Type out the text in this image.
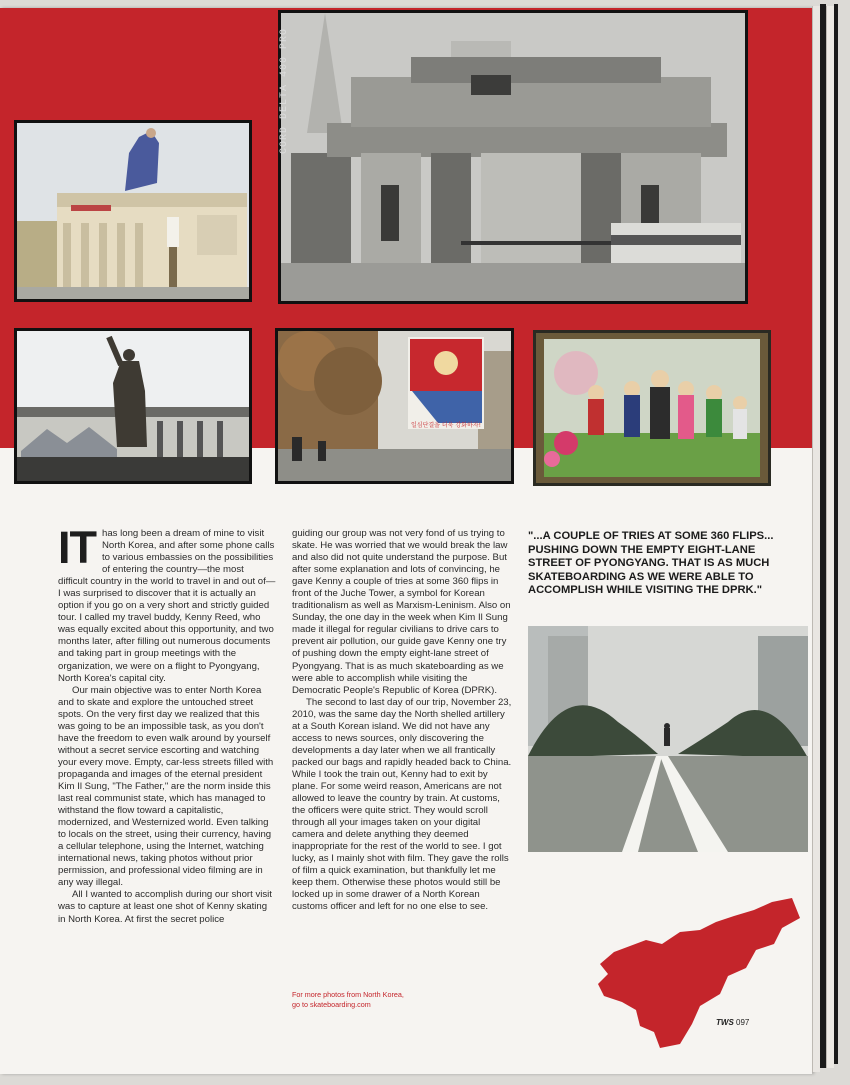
CORD DELTA 400 PRO
일심단결을 더욱 강화하자!

IT has long been a dream of mine to visit North Korea, and after some phone calls to various embassies on the possibilities of entering the country—the most difficult country in the world to travel in and out of—I was surprised to discover that it is actually an option if you go on a very short and strictly guided tour. I called my travel buddy, Kenny Reed, who was equally excited about this opportunity, and two months later, after filling out numerous documents and taking part in group meetings with the organization, we were on a flight to Pyongyang, North Korea's capital city.

Our main objective was to enter North Korea and to skate and explore the untouched street spots. On the very first day we realized that this was going to be an impossible task, as you don't have the freedom to even walk around by yourself without a secret service escorting and watching your every move. Empty, car-less streets filled with propaganda and images of the eternal president Kim Il Sung, "The Father," are the norm inside this last real communist state, which has managed to withstand the flow toward a capitalistic, modernized, and Westernized world. Even talking to locals on the street, using their currency, having a cellular telephone, using the Internet, watching international news, taking photos without prior permission, and professional video filming are in any way illegal.

All I wanted to accomplish during our short visit was to capture at least one shot of Kenny skating in North Korea. At first the secret police

guiding our group was not very fond of us trying to skate. He was worried that we would break the law and also did not quite understand the purpose. But after some explanation and lots of convincing, he gave Kenny a couple of tries at some 360 flips in front of the Juche Tower, a symbol for Korean traditionalism as well as Marxism-Leninism. Also on Sunday, the one day in the week when Kim Il Sung made it illegal for regular civilians to drive cars to prevent air pollution, our guide gave Kenny one try of pushing down the empty eight-lane street of Pyongyang. That is as much skateboarding as we were able to accomplish while visiting the Democratic People's Republic of Korea (DPRK).

The second to last day of our trip, November 23, 2010, was the same day the North shelled artillery at a South Korean island. We did not have any access to news sources, only discovering the developments a day later when we all frantically packed our bags and rapidly headed back to China. While I took the train out, Kenny had to exit by plane. For some weird reason, Americans are not allowed to leave the country by train. At customs, the officers were quite strict. They would scroll through all your images taken on your digital camera and delete anything they deemed inappropriate for the rest of the world to see. I got lucky, as I mainly shot with film. They gave the rolls of film a quick examination, but thankfully let me keep them. Otherwise these photos would still be locked up in some drawer of a North Korean customs officer and left for no one else to see.

"...A COUPLE OF TRIES AT SOME 360 FLIPS... PUSHING DOWN THE EMPTY EIGHT-LANE STREET OF PYONGYANG. THAT IS AS MUCH SKATEBOARDING AS WE WERE ABLE TO ACCOMPLISH WHILE VISITING THE DPRK."
For more photos from North Korea,
go to skateboarding.com
TWS 097
